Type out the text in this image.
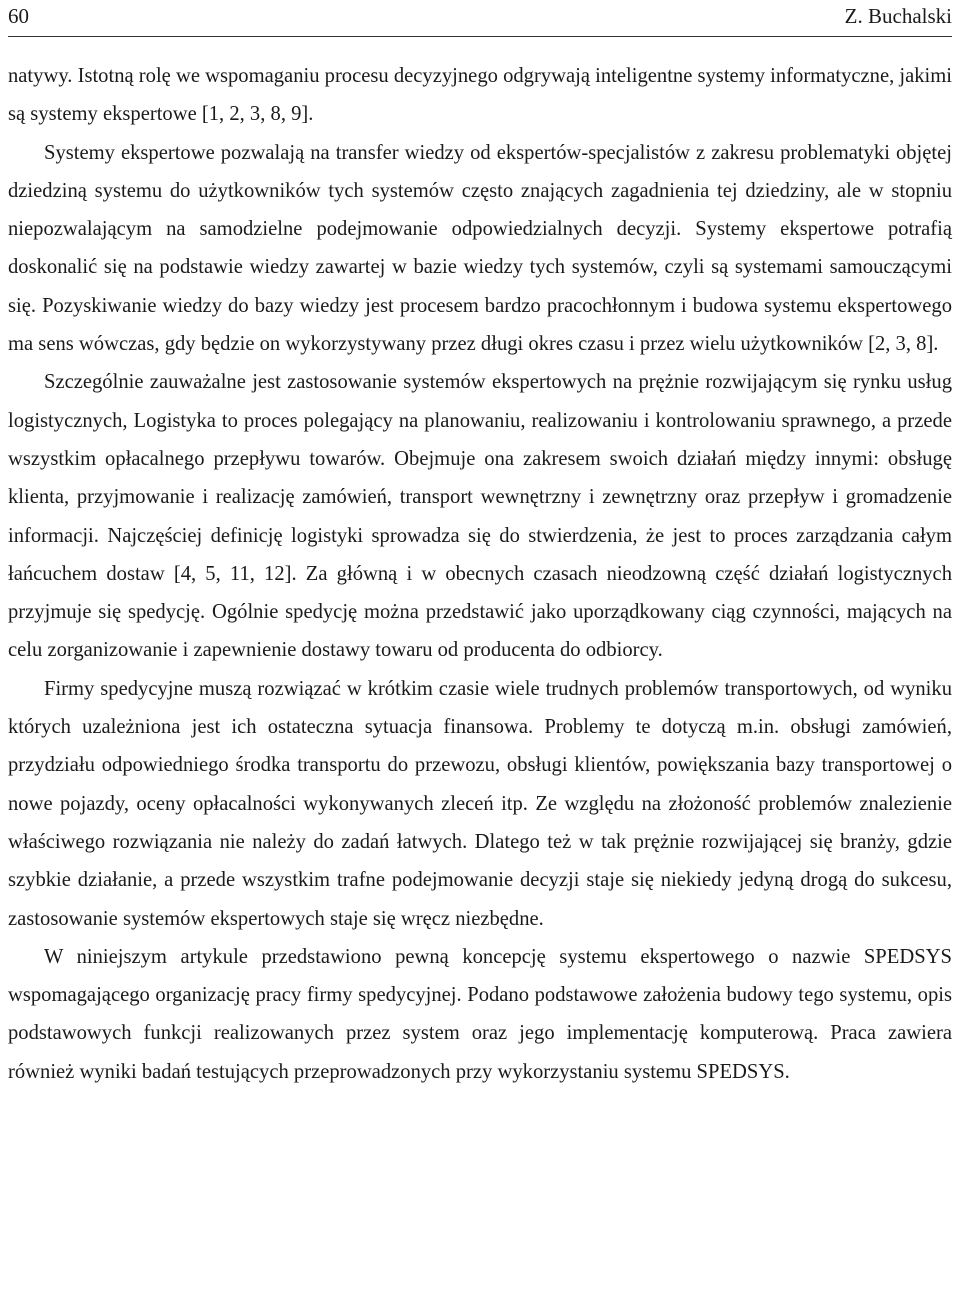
60	Z. Buchalski

natywy. Istotną rolę we wspomaganiu procesu decyzyjnego odgrywają inteligentne systemy informatyczne, jakimi są systemy ekspertowe [1, 2, 3, 8, 9].

Systemy ekspertowe pozwalają na transfer wiedzy od ekspertów-specjalistów z zakresu problematyki objętej dziedziną systemu do użytkowników tych systemów często znających zagadnienia tej dziedziny, ale w stopniu niepozwalającym na samodzielne podejmowanie odpowiedzialnych decyzji. Systemy ekspertowe potrafią doskonalić się na podstawie wiedzy zawartej w bazie wiedzy tych systemów, czyli są systemami samouczącymi się. Pozyskiwanie wiedzy do bazy wiedzy jest procesem bardzo pracochłonnym i budowa systemu ekspertowego ma sens wówczas, gdy będzie on wykorzystywany przez długi okres czasu i przez wielu użytkowników [2, 3, 8].

Szczególnie zauważalne jest zastosowanie systemów ekspertowych na prężnie rozwijającym się rynku usług logistycznych, Logistyka to proces polegający na planowaniu, realizowaniu i kontrolowaniu sprawnego, a przede wszystkim opłacalnego przepływu towarów. Obejmuje ona zakresem swoich działań między innymi: obsługę klienta, przyjmowanie i realizację zamówień, transport wewnętrzny i zewnętrzny oraz przepływ i gromadzenie informacji. Najczęściej definicję logistyki sprowadza się do stwierdzenia, że jest to proces zarządzania całym łańcuchem dostaw [4, 5, 11, 12]. Za główną i w obecnych czasach nieodzowną część działań logistycznych przyjmuje się spedycję. Ogólnie spedycję można przedstawić jako uporządkowany ciąg czynności, mających na celu zorganizowanie i zapewnienie dostawy towaru od producenta do odbiorcy.

Firmy spedycyjne muszą rozwiązać w krótkim czasie wiele trudnych problemów transportowych, od wyniku których uzależniona jest ich ostateczna sytuacja finansowa. Problemy te dotyczą m.in. obsługi zamówień, przydziału odpowiedniego środka transportu do przewozu, obsługi klientów, powiększania bazy transportowej o nowe pojazdy, oceny opłacalności wykonywanych zleceń itp. Ze względu na złożoność problemów znalezienie właściwego rozwiązania nie należy do zadań łatwych. Dlatego też w tak prężnie rozwijającej się branży, gdzie szybkie działanie, a przede wszystkim trafne podejmowanie decyzji staje się niekiedy jedyną drogą do sukcesu, zastosowanie systemów ekspertowych staje się wręcz niezbędne.

W niniejszym artykule przedstawiono pewną koncepcję systemu ekspertowego o nazwie SPEDSYS wspomagającego organizację pracy firmy spedycyjnej. Podano podstawowe założenia budowy tego systemu, opis podstawowych funkcji realizowanych przez system oraz jego implementację komputerową. Praca zawiera również wyniki badań testujących przeprowadzonych przy wykorzystaniu systemu SPEDSYS.
